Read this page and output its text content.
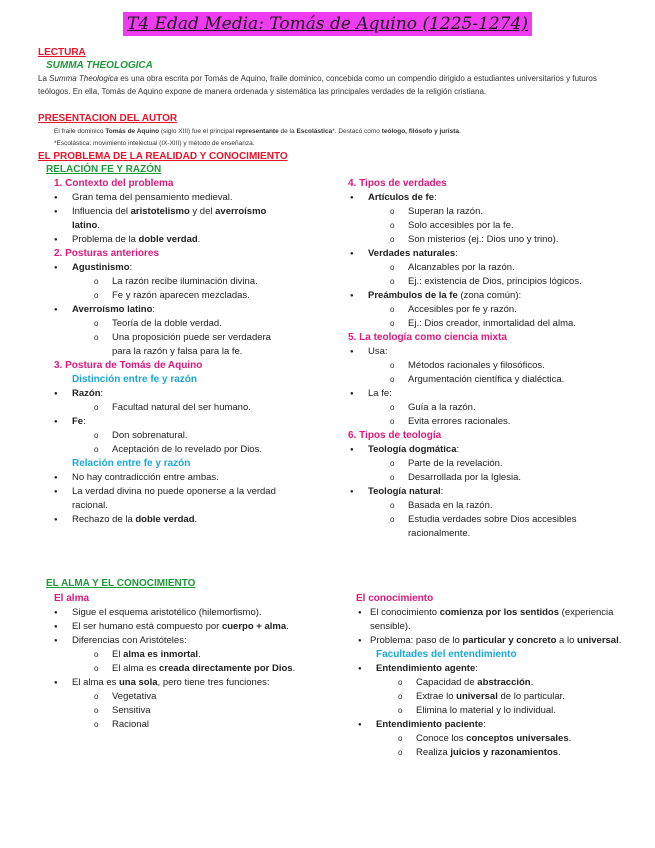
T4 Edad Media: Tomás de Aquino (1225-1274)
LECTURA
SUMMA THEOLOGICA
La Summa Theologica es una obra escrita por Tomás de Aquino, fraile dominico, concebida como un compendio dirigido a estudiantes universitarios y futuros teólogos. En ella, Tomás de Aquino expone de manera ordenada y sistemática las principales verdades de la religión cristiana.
PRESENTACION DEL AUTOR
El fraile dominico Tomás de Aquino (siglo XIII) fue el principal representante de la Escolástica*. Destacó como teólogo, filósofo y jurista.
*Escolástica: movimiento intelectual (IX-XIII) y método de enseñanza.
EL PROBLEMA DE LA REALIDAD Y CONOCIMIENTO
RELACIÓN FE Y RAZÓN
1. Contexto del problema
● Gran tema del pensamiento medieval.
● Influencia del aristotelismo y del averroísmo
latino.
● Problema de la doble verdad.
2. Posturas anteriores
● Agustinismo:
o La razón recibe iluminación divina.
o Fe y razón aparecen mezcladas.
● Averroísmo latino:
o Teoría de la doble verdad.
o Una proposición puede ser verdadera para la razón y falsa para la fe.
3. Postura de Tomás de Aquino
Distinción entre fe y razón
● Razón:
o Facultad natural del ser humano.
● Fe:
o Don sobrenatural.
o Aceptación de lo revelado por Dios.
Relación entre fe y razón
● No hay contradicción entre ambas.
● La verdad divina no puede oponerse a la verdad racional.
● Rechazo de la doble verdad.
4. Tipos de verdades
● Artículos de fe:
o Superan la razón.
o Solo accesibles por la fe.
o Son misterios (ej.: Dios uno y trino).
● Verdades naturales:
o Alcanzables por la razón.
o Ej.: existencia de Dios, principios lógicos.
● Preámbulos de la fe (zona común):
o Accesibles por fe y razón.
o Ej.: Dios creador, inmortalidad del alma.
5. La teología como ciencia mixta
● Usa:
o Métodos racionales y filosóficos.
o Argumentación científica y dialéctica.
● La fe:
o Guía a la razón.
o Evita errores racionales.
6. Tipos de teología
● Teología dogmática:
o Parte de la revelación.
o Desarrollada por la Iglesia.
● Teología natural:
o Basada en la razón.
o Estudia verdades sobre Dios accesibles racionalmente.
EL ALMA Y EL CONOCIMIENTO
El alma
● Sigue el esquema aristotélico (hilemorfismo).
● El ser humano está compuesto por cuerpo + alma.
● Diferencias con Aristóteles:
o El alma es inmortal.
o El alma es creada directamente por Dios.
● El alma es una sola, pero tiene tres funciones:
o Vegetativa
o Sensitiva
o Racional
El conocimiento
● El conocimiento comienza por los sentidos (experiencia sensible).
● Problema: paso de lo particular y concreto a lo universal.
Facultades del entendimiento
● Entendimiento agente:
o Capacidad de abstracción.
o Extrae lo universal de lo particular.
o Elimina lo material y lo individual.
● Entendimiento paciente:
o Conoce los conceptos universales.
o Realiza juicios y razonamientos.
